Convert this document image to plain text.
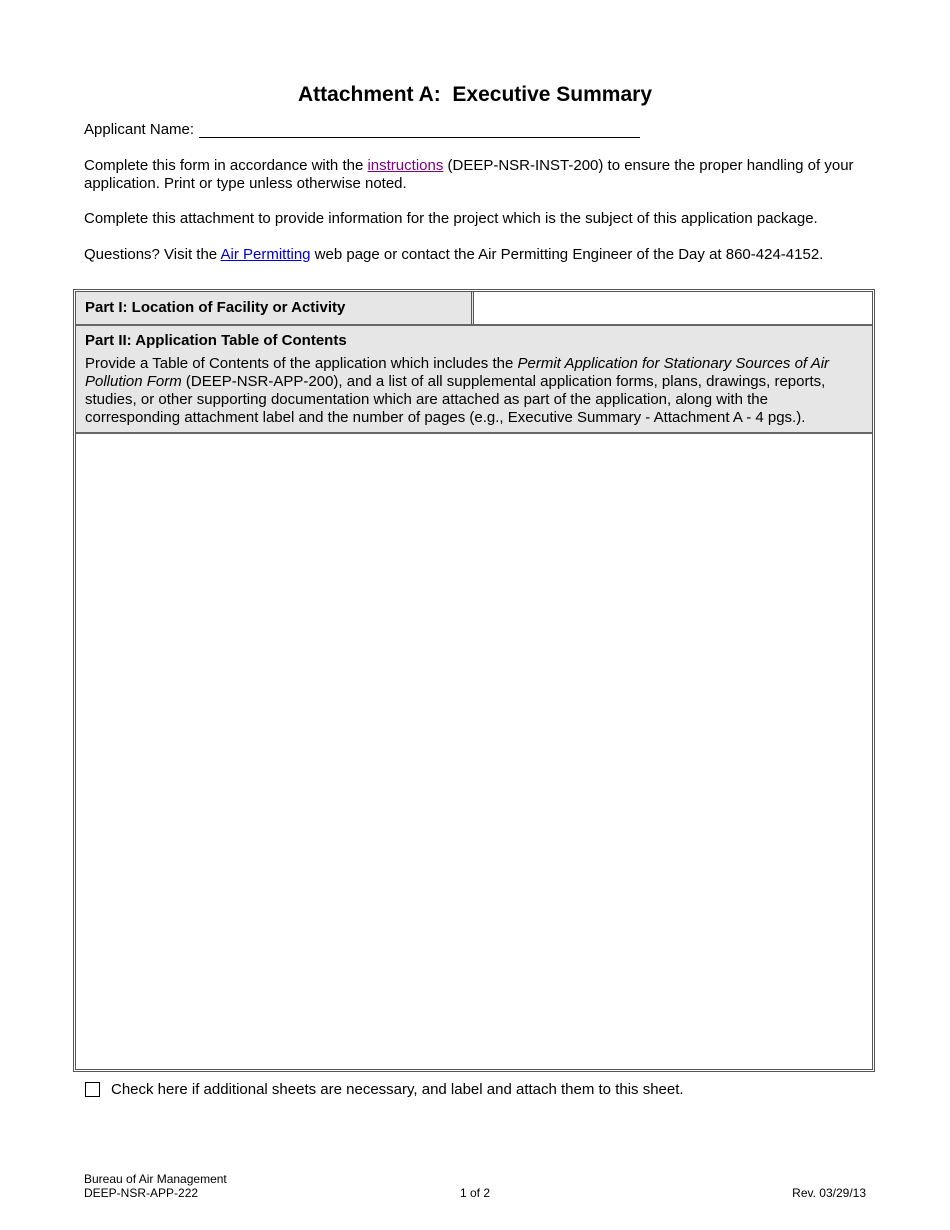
Attachment A:  Executive Summary
Applicant Name:
Complete this form in accordance with the instructions (DEEP-NSR-INST-200) to ensure the proper handling of your application. Print or type unless otherwise noted.
Complete this attachment to provide information for the project which is the subject of this application package.
Questions? Visit the Air Permitting web page or contact the Air Permitting Engineer of the Day at 860-424-4152.
Part I: Location of Facility or Activity
Part II: Application Table of Contents
Provide a Table of Contents of the application which includes the Permit Application for Stationary Sources of Air Pollution Form (DEEP-NSR-APP-200), and a list of all supplemental application forms, plans, drawings, reports, studies, or other supporting documentation which are attached as part of the application, along with the corresponding attachment label and the number of pages (e.g., Executive Summary - Attachment A - 4 pgs.).
Check here if additional sheets are necessary, and label and attach them to this sheet.
Bureau of Air Management
DEEP-NSR-APP-222	1 of 2	Rev. 03/29/13
